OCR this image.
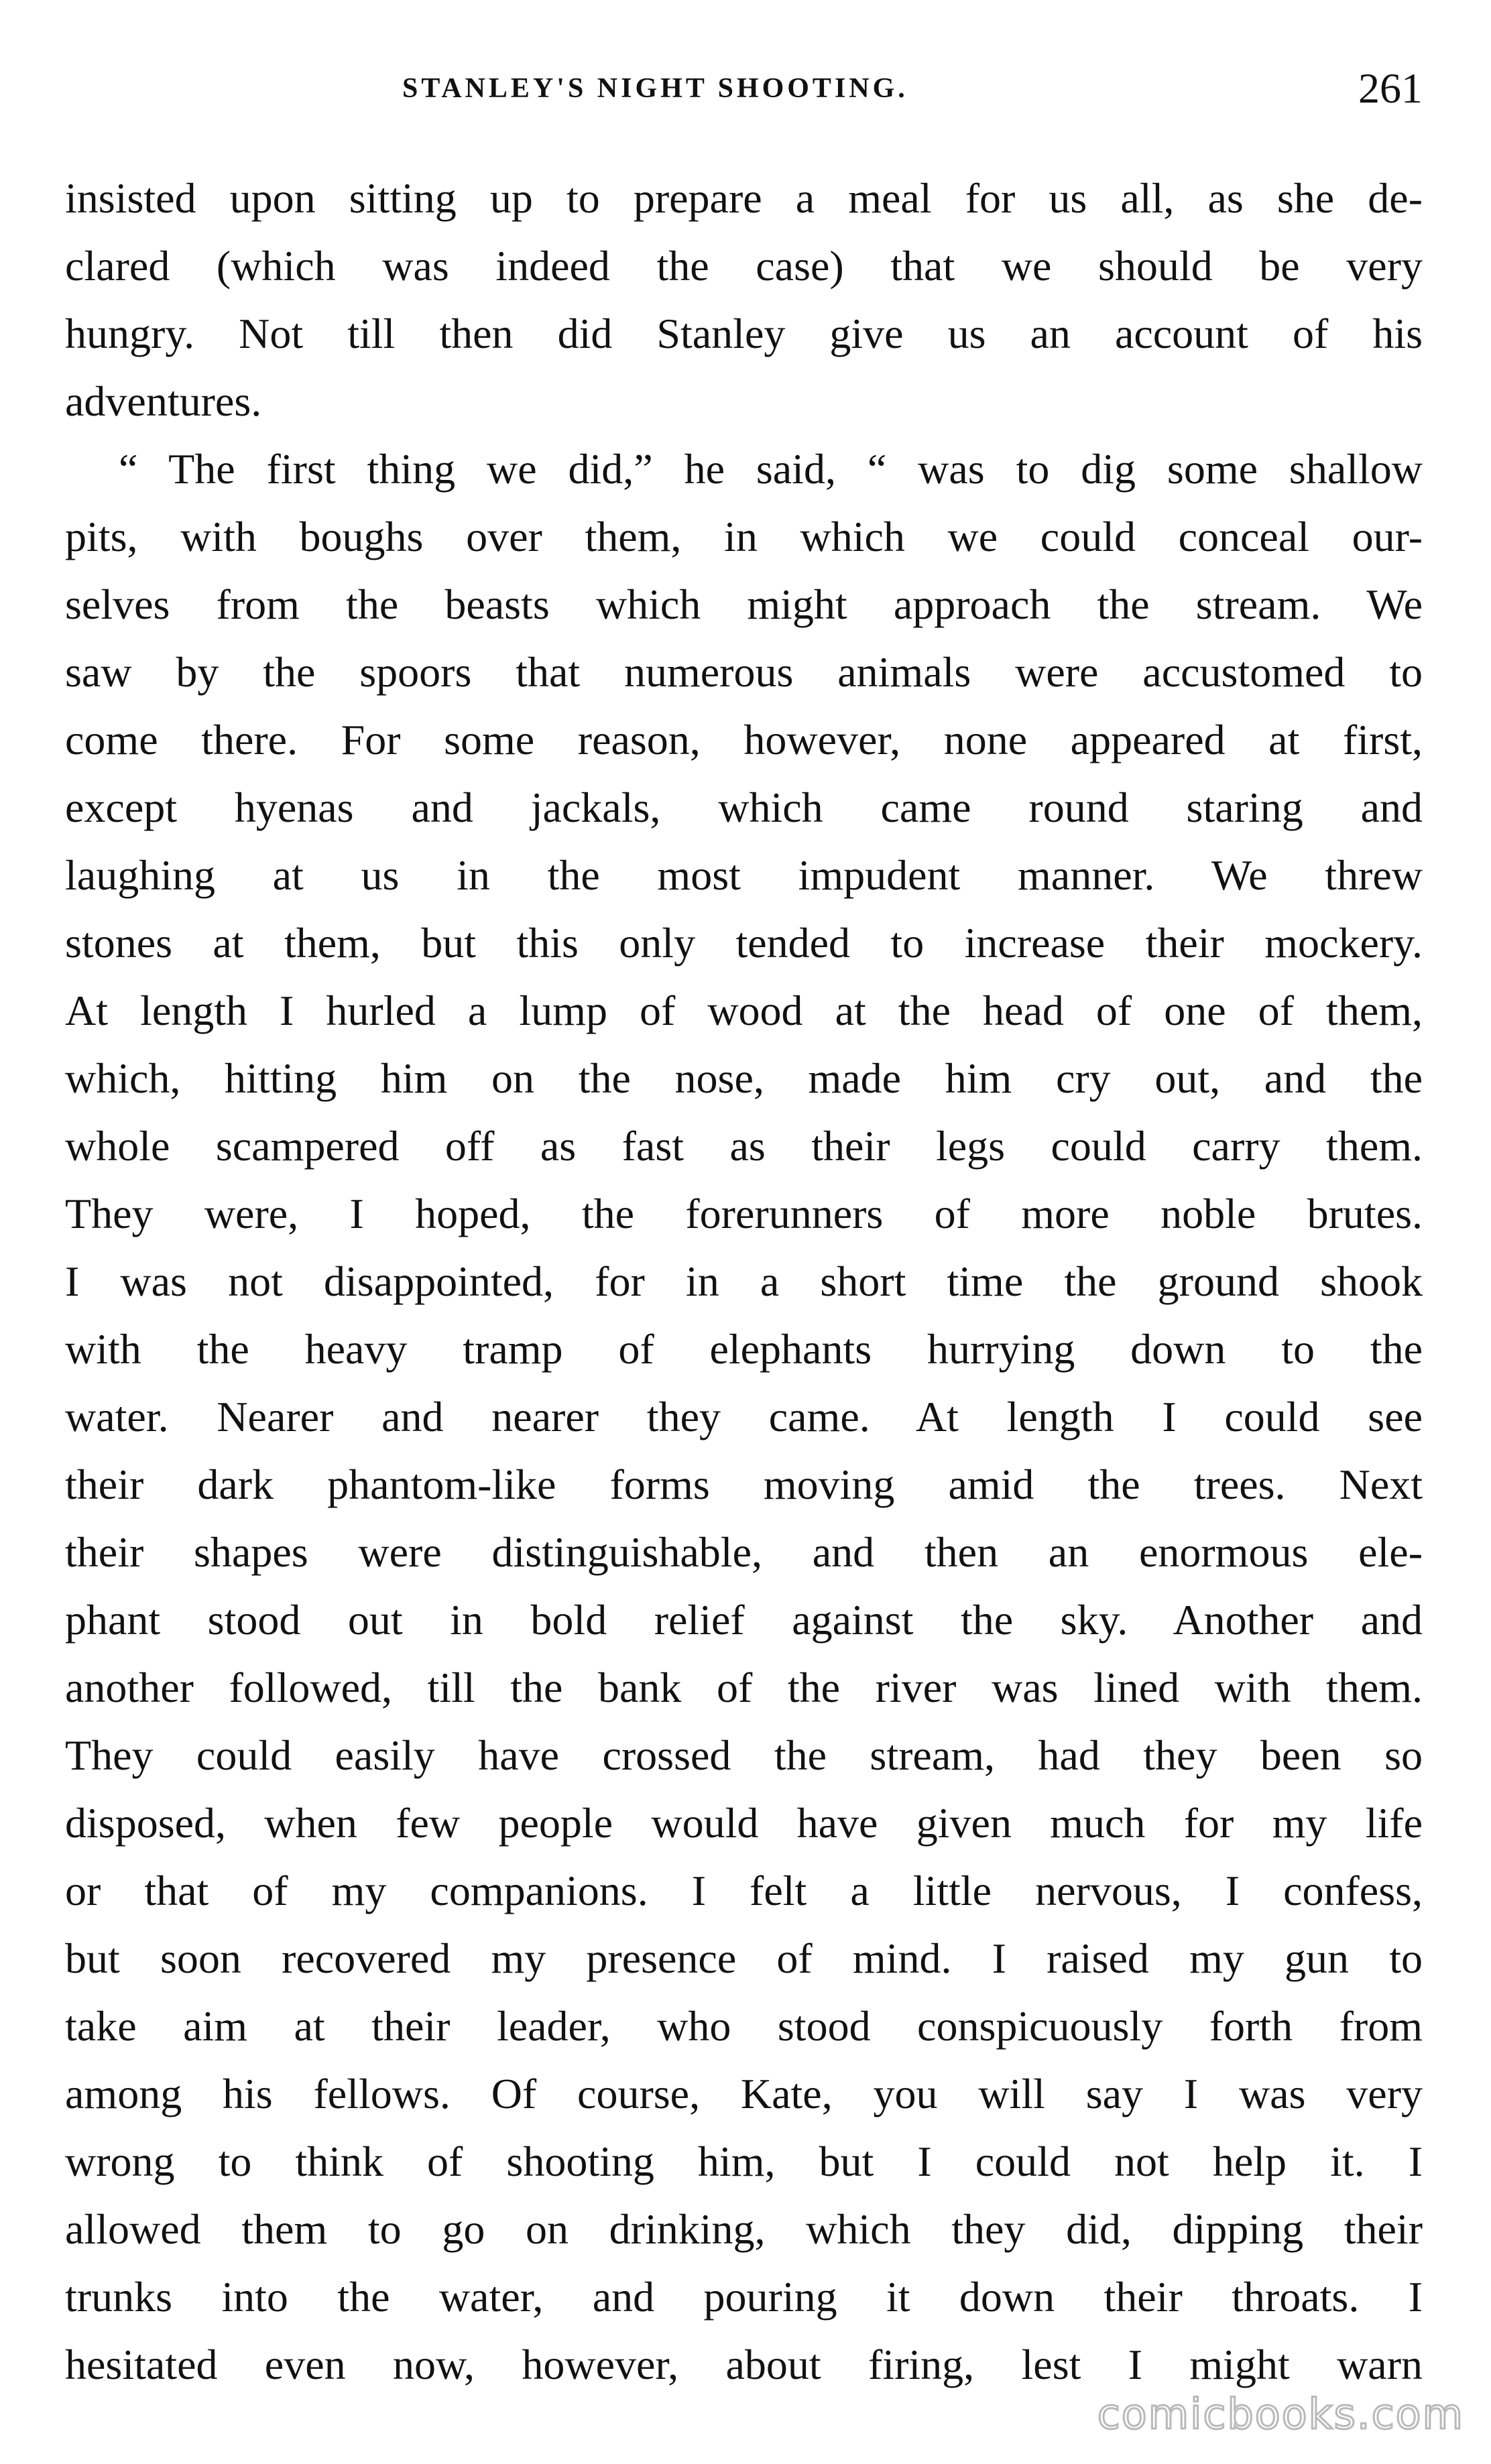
STANLEY'S NIGHT SHOOTING.	261
insisted upon sitting up to prepare a meal for us all, as she de-
clared (which was indeed the case) that we should be very
hungry. Not till then did Stanley give us an account of his
adventures.
“ The first thing we did,” he said, “ was to dig some shallow
pits, with boughs over them, in which we could conceal our-
selves from the beasts which might approach the stream. We
saw by the spoors that numerous animals were accustomed to
come there. For some reason, however, none appeared at first,
except hyenas and jackals, which came round staring and
laughing at us in the most impudent manner. We threw
stones at them, but this only tended to increase their mockery.
At length I hurled a lump of wood at the head of one of them,
which, hitting him on the nose, made him cry out, and the
whole scampered off as fast as their legs could carry them.
They were, I hoped, the forerunners of more noble brutes.
I was not disappointed, for in a short time the ground shook
with the heavy tramp of elephants hurrying down to the
water. Nearer and nearer they came. At length I could see
their dark phantom-like forms moving amid the trees. Next
their shapes were distinguishable, and then an enormous ele-
phant stood out in bold relief against the sky. Another and
another followed, till the bank of the river was lined with them.
They could easily have crossed the stream, had they been so
disposed, when few people would have given much for my life
or that of my companions. I felt a little nervous, I confess,
but soon recovered my presence of mind. I raised my gun to
take aim at their leader, who stood conspicuously forth from
among his fellows. Of course, Kate, you will say I was very
wrong to think of shooting him, but I could not help it. I
allowed them to go on drinking, which they did, dipping their
trunks into the water, and pouring it down their throats. I
hesitated even now, however, about firing, lest I might warn
comicbooks.com
